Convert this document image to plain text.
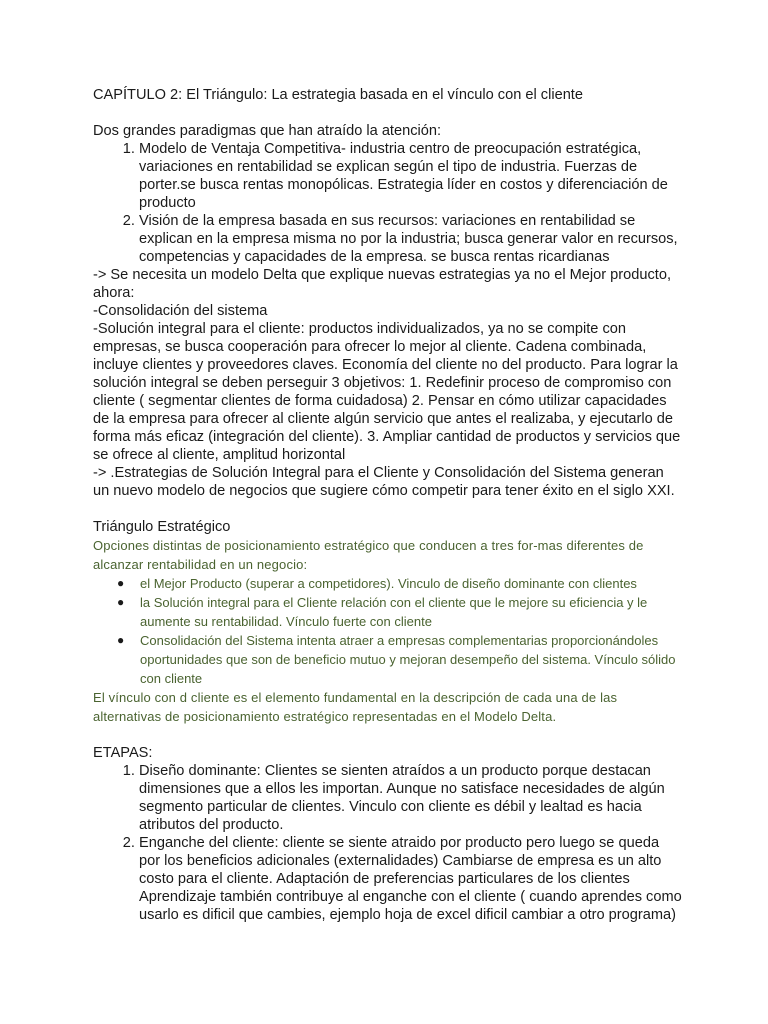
CAPÍTULO 2: El Triángulo: La estrategia basada en el vínculo con el cliente

Dos grandes paradigmas que han atraído la atención:

1. Modelo de Ventaja Competitiva- industria centro de preocupación estratégica, variaciones en rentabilidad se explican según el tipo de industria. Fuerzas de porter.se busca rentas monopólicas. Estrategia líder en costos y diferenciación de producto
2. Visión de la empresa basada en sus recursos: variaciones en rentabilidad se explican en la empresa misma no por la industria; busca generar valor en recursos, competencias y capacidades de la empresa. se busca rentas ricardianas

-> Se necesita un modelo Delta que explique nuevas estrategias ya no el Mejor producto, ahora:

-Consolidación del sistema

-Solución integral para el cliente: productos individualizados, ya no se compite con empresas, se busca cooperación para ofrecer lo mejor al cliente. Cadena combinada, incluye clientes y proveedores claves. Economía del cliente no del producto. Para lograr la solución integral se deben perseguir 3 objetivos: 1. Redefinir proceso de compromiso con cliente ( segmentar clientes de forma cuidadosa) 2. Pensar en cómo utilizar capacidades de la empresa para ofrecer al cliente algún servicio que antes el realizaba, y ejecutarlo de forma más eficaz (integración del cliente). 3. Ampliar cantidad de productos y servicios que se ofrece al cliente, amplitud horizontal

-> .Estrategias de Solución Integral para el Cliente y Consolidación del Sistema generan un nuevo modelo de negocios que sugiere cómo competir para tener éxito en el siglo XXI.

Triángulo Estratégico

Opciones distintas de posicionamiento estratégico que conducen a tres for-mas diferentes de alcanzar rentabilidad en un negocio:

● el Mejor Producto (superar a competidores). Vinculo de diseño dominante con clientes
● la Solución integral para el Cliente relación con el cliente que le mejore su eficiencia y le aumente su rentabilidad. Vínculo fuerte con cliente
● Consolidación del Sistema intenta atraer a empresas complementarias proporcionándoles oportunidades que son de beneficio mutuo y mejoran desempeño del sistema. Vínculo sólido con cliente

El vínculo con d cliente es el elemento fundamental en la descripción de cada una de las alternativas de posicionamiento estratégico representadas en el Modelo Delta.

ETAPAS:

1. Diseño dominante: Clientes se sienten atraídos a un producto porque destacan dimensiones que a ellos les importan. Aunque no satisface necesidades de algún segmento particular de clientes. Vinculo con cliente es débil y lealtad es hacia atributos del producto.
2. Enganche del cliente: cliente se siente atraido por producto pero luego se queda por los beneficios adicionales (externalidades) Cambiarse de empresa es un alto costo para el cliente. Adaptación de preferencias particulares de los clientes Aprendizaje también contribuye al enganche con el cliente ( cuando aprendes como usarlo es dificil que cambies, ejemplo hoja de excel dificil cambiar a otro programa)
